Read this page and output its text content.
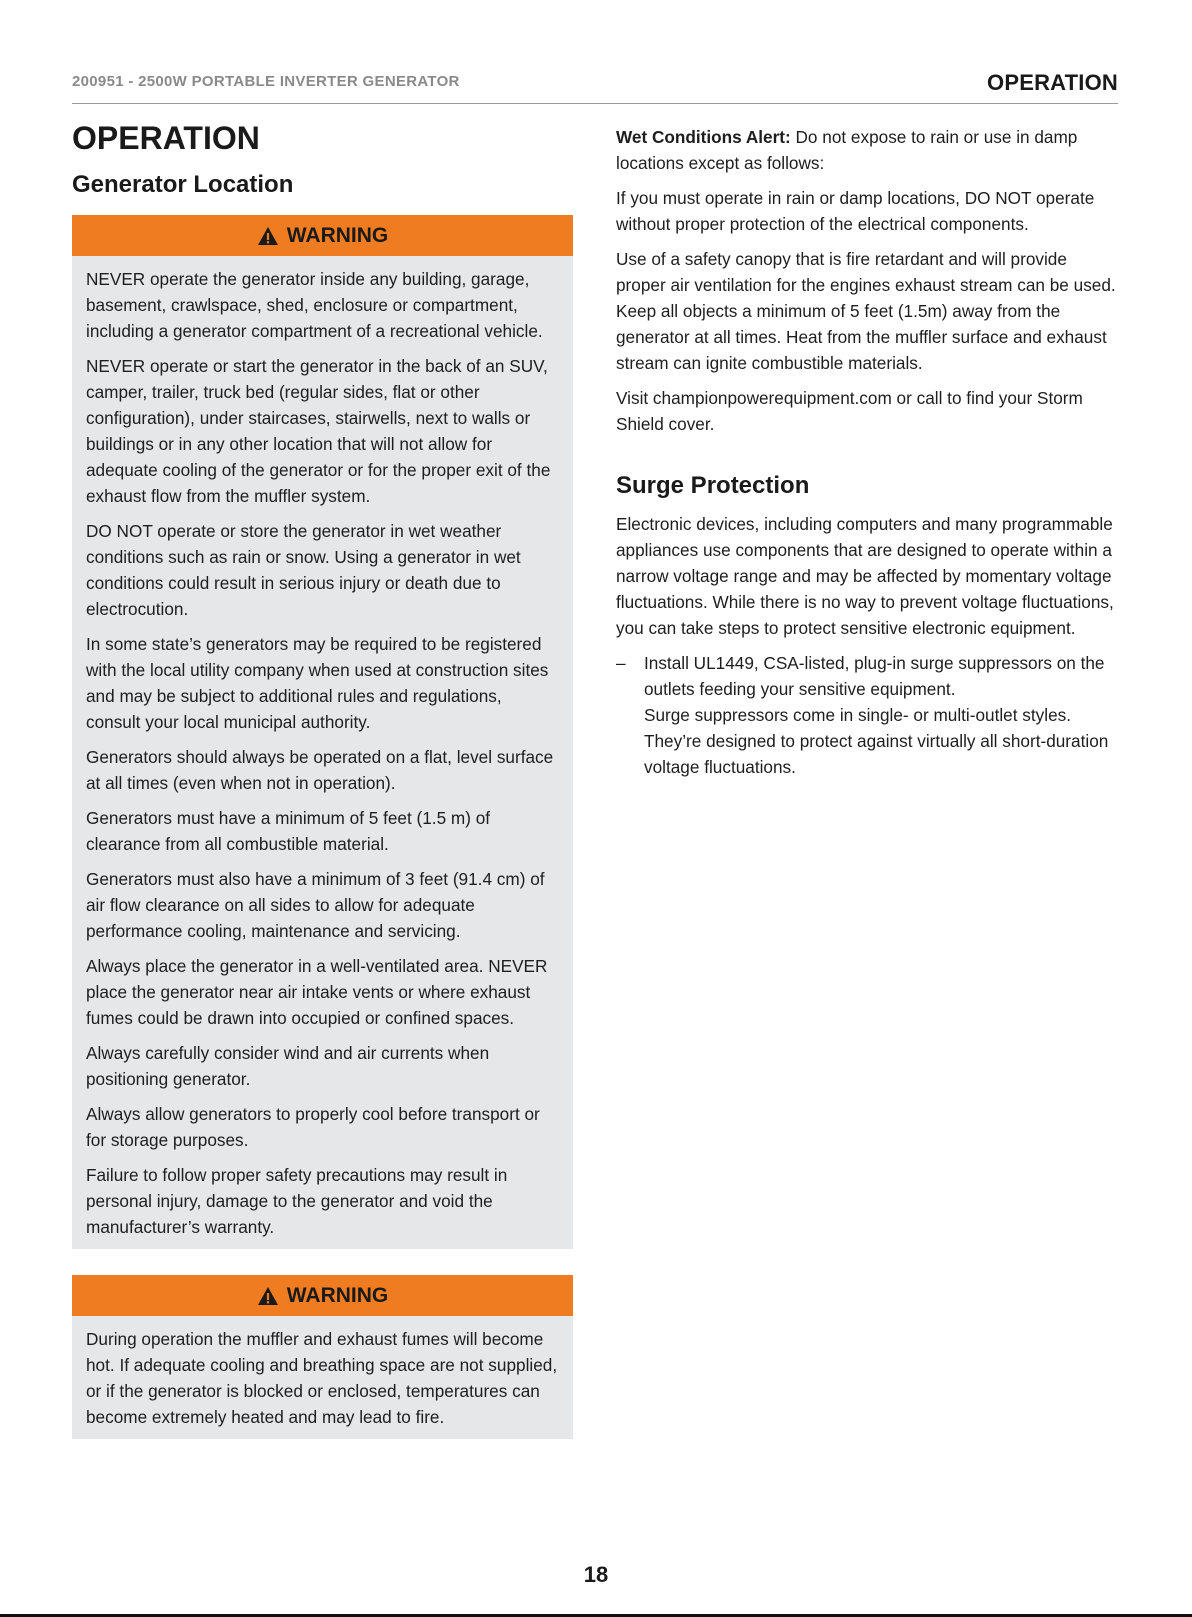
200951 - 2500W PORTABLE INVERTER GENERATOR	OPERATION
OPERATION
Generator Location
WARNING

NEVER operate the generator inside any building, garage, basement, crawlspace, shed, enclosure or compartment, including a generator compartment of a recreational vehicle.

NEVER operate or start the generator in the back of an SUV, camper, trailer, truck bed (regular sides, flat or other configuration), under staircases, stairwells, next to walls or buildings or in any other location that will not allow for adequate cooling of the generator or for the proper exit of the exhaust flow from the muffler system.

DO NOT operate or store the generator in wet weather conditions such as rain or snow. Using a generator in wet conditions could result in serious injury or death due to electrocution.

In some state’s generators may be required to be registered with the local utility company when used at construction sites and may be subject to additional rules and regulations, consult your local municipal authority.

Generators should always be operated on a flat, level surface at all times (even when not in operation).

Generators must have a minimum of 5 feet (1.5 m) of clearance from all combustible material.

Generators must also have a minimum of 3 feet (91.4 cm) of air flow clearance on all sides to allow for adequate performance cooling, maintenance and servicing.

Always place the generator in a well-ventilated area. NEVER place the generator near air intake vents or where exhaust fumes could be drawn into occupied or confined spaces.

Always carefully consider wind and air currents when positioning generator.

Always allow generators to properly cool before transport or for storage purposes.

Failure to follow proper safety precautions may result in personal injury, damage to the generator and void the manufacturer’s warranty.

WARNING

During operation the muffler and exhaust fumes will become hot. If adequate cooling and breathing space are not supplied, or if the generator is blocked or enclosed, temperatures can become extremely heated and may lead to fire.

Wet Conditions Alert: Do not expose to rain or use in damp locations except as follows:

If you must operate in rain or damp locations, DO NOT operate without proper protection of the electrical components.

Use of a safety canopy that is fire retardant and will provide proper air ventilation for the engines exhaust stream can be used. Keep all objects a minimum of 5 feet (1.5m) away from the generator at all times. Heat from the muffler surface and exhaust stream can ignite combustible materials.

Visit championpowerequipment.com or call to find your Storm Shield cover.

Surge Protection

Electronic devices, including computers and many programmable appliances use components that are designed to operate within a narrow voltage range and may be affected by momentary voltage fluctuations. While there is no way to prevent voltage fluctuations, you can take steps to protect sensitive electronic equipment.

–	Install UL1449, CSA-listed, plug-in surge suppressors on the outlets feeding your sensitive equipment.

Surge suppressors come in single- or multi-outlet styles. They’re designed to protect against virtually all short-duration voltage fluctuations.

18
